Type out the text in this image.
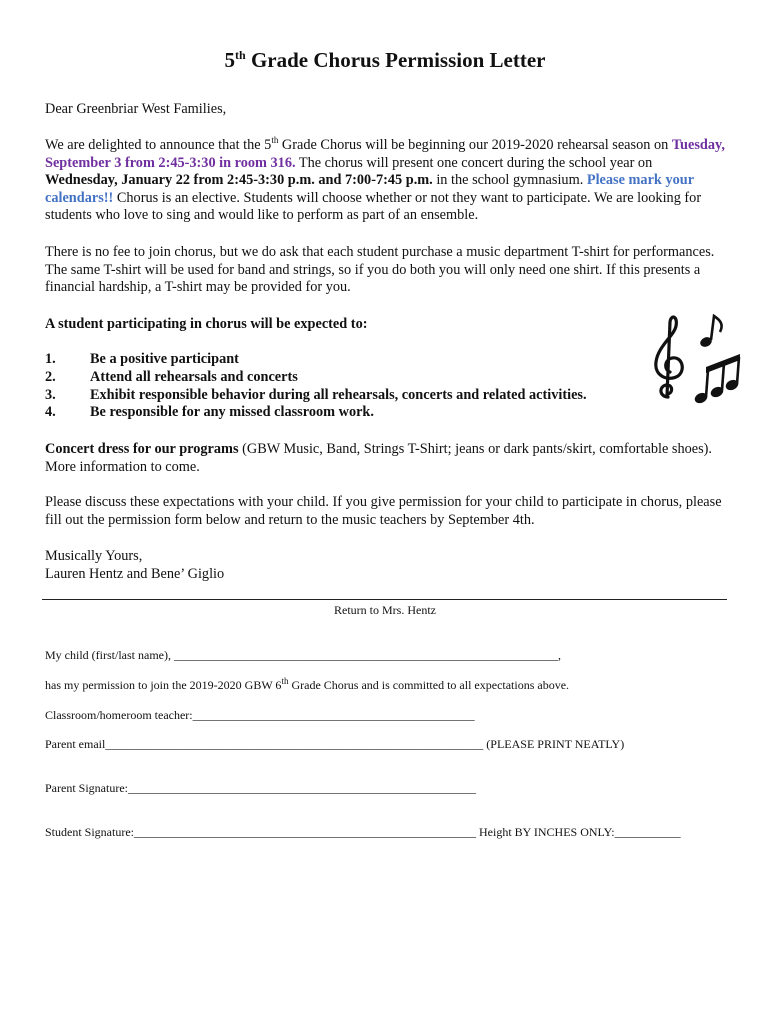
5th Grade Chorus Permission Letter

Dear Greenbriar West Families,

We are delighted to announce that the 5th Grade Chorus will be beginning our 2019-2020 rehearsal season on Tuesday, September 3 from 2:45-3:30 in room 316. The chorus will present one concert during the school year on Wednesday, January 22 from 2:45-3:30 p.m. and 7:00-7:45 p.m. in the school gymnasium. Please mark your calendars!! Chorus is an elective. Students will choose whether or not they want to participate. We are looking for students who love to sing and would like to perform as part of an ensemble.

There is no fee to join chorus, but we do ask that each student purchase a music department T-shirt for performances. The same T-shirt will be used for band and strings, so if you do both you will only need one shirt. If this presents a financial hardship, a T-shirt may be provided for you.

A student participating in chorus will be expected to:

1.	Be a positive participant
2.	Attend all rehearsals and concerts
3.	Exhibit responsible behavior during all rehearsals, concerts and related activities.
4.	Be responsible for any missed classroom work.

Concert dress for our programs (GBW Music, Band, Strings T-Shirt; jeans or dark pants/skirt, comfortable shoes). More information to come.

Please discuss these expectations with your child. If you give permission for your child to participate in chorus, please fill out the permission form below and return to the music teachers by September 4th.

Musically Yours,

Lauren Hentz and Bene’ Giglio

Return to Mrs. Hentz
My child (first/last name), ________________________________________________________________,
has my permission to join the 2019-2020 GBW 6th Grade Chorus and is committed to all expectations above.
Classroom/homeroom teacher:_______________________________________________
Parent email_______________________________________________________________ (PLEASE PRINT NEATLY)
Parent Signature:__________________________________________________________
Student Signature:_________________________________________________________ Height BY INCHES ONLY:___________
